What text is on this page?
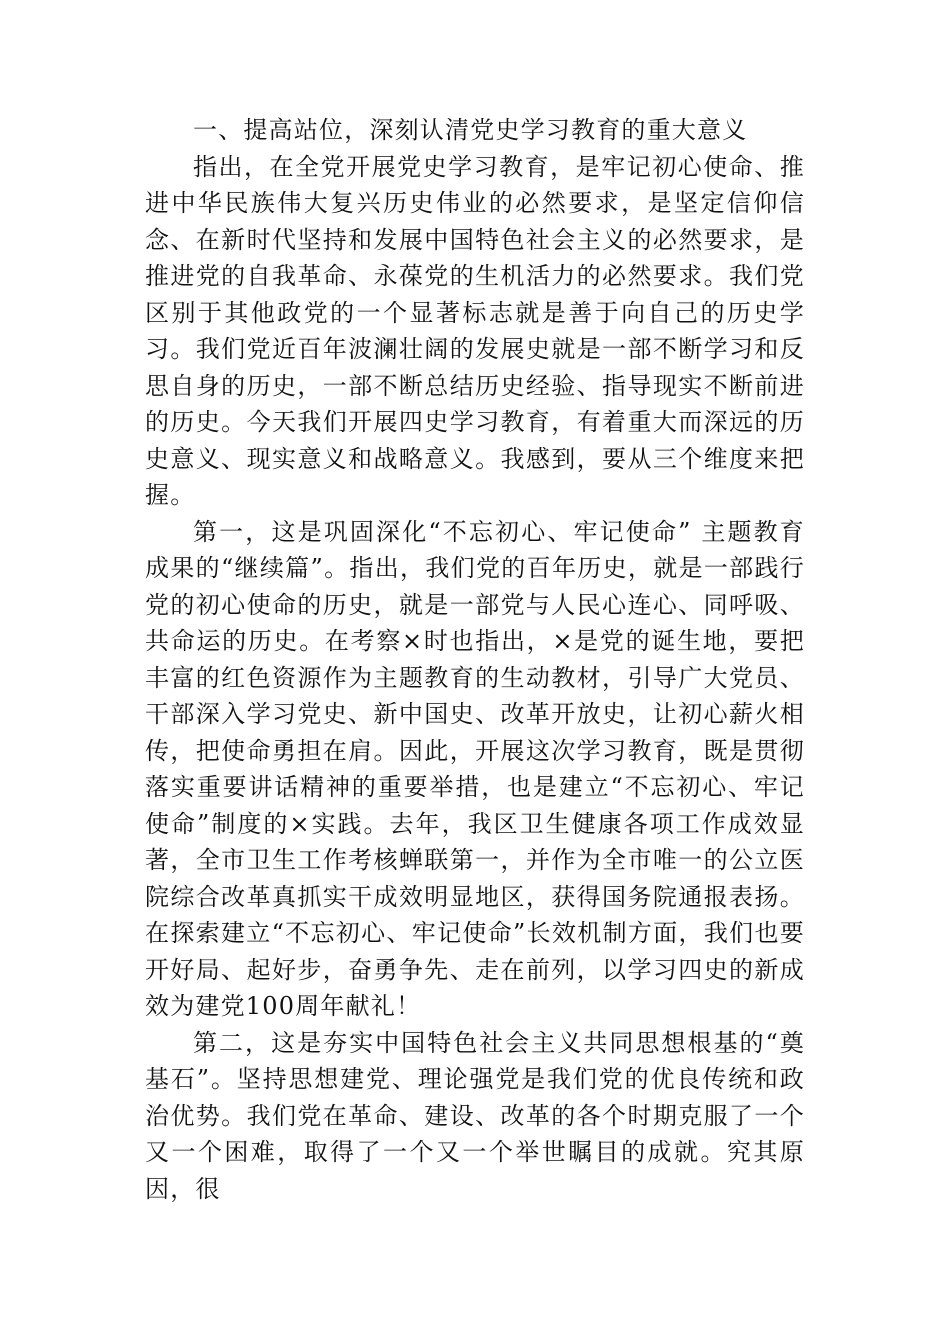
一、提高站位，深刻认清党史学习教育的重大意义

指出，在全党开展党史学习教育，是牢记初心使命、推进中华民族伟大复兴历史伟业的必然要求，是坚定信仰信念、在新时代坚持和发展中国特色社会主义的必然要求，是推进党的自我革命、永葆党的生机活力的必然要求。我们党区别于其他政党的一个显著标志就是善于向自己的历史学习。我们党近百年波澜壮阔的发展史就是一部不断学习和反思自身的历史，一部不断总结历史经验、指导现实不断前进的历史。今天我们开展四史学习教育，有着重大而深远的历史意义、现实意义和战略意义。我感到，要从三个维度来把握。

第一，这是巩固深化“不忘初心、牢记使命” 主题教育成果的“继续篇”。指出，我们党的百年历史，就是一部践行党的初心使命的历史，就是一部党与人民心连心、同呼吸、共命运的历史。在考察×时也指出，×是党的诞生地，要把丰富的红色资源作为主题教育的生动教材，引导广大党员、干部深入学习党史、新中国史、改革开放史，让初心薪火相传，把使命勇担在肩。因此，开展这次学习教育，既是贯彻落实重要讲话精神的重要举措，也是建立“不忘初心、牢记使命”制度的×实践。去年，我区卫生健康各项工作成效显著，全市卫生工作考核蝉联第一，并作为全市唯一的公立医院综合改革真抓实干成效明显地区，获得国务院通报表扬。在探索建立“不忘初心、牢记使命”长效机制方面，我们也要开好局、起好步，奋勇争先、走在前列，以学习四史的新成效为建党100周年献礼！

第二，这是夯实中国特色社会主义共同思想根基的“奠基石”。坚持思想建党、理论强党是我们党的优良传统和政治优势。我们党在革命、建设、改革的各个时期克服了一个又一个困难，取得了一个又一个举世瞩目的成就。究其原因，很
